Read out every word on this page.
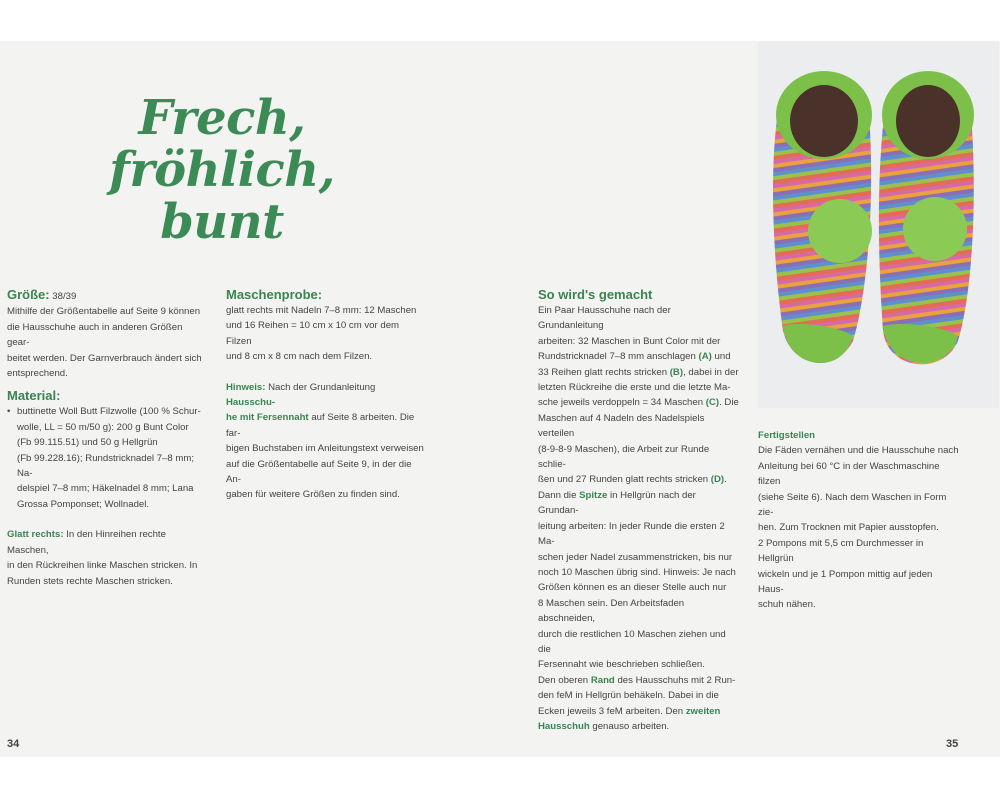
Frech, fröhlich,
bunt

Größe: 38/39

Mithilfe der Größentabelle auf Seite 9 können

die Hausschuhe auch in anderen Größen gear-

beitet werden. Der Garnverbrauch ändert sich

entsprechend.

Material:

• buttinette Woll Butt Filzwolle (100 % Schur-

wolle, LL = 50 m/50 g): 200 g Bunt Color

(Fb 99.115.51) und 50 g Hellgrün

(Fb 99.228.16); Rundstricknadel 7–8 mm; Na-

delspiel 7–8 mm; Häkelnadel 8 mm; Lana

Grossa Pomponset; Wollnadel.

Glatt rechts: In den Hinreihen rechte Maschen,

in den Rückreihen linke Maschen stricken. In

Runden stets rechte Maschen stricken.

Maschenprobe:

glatt rechts mit Nadeln 7–8 mm: 12 Maschen

und 16 Reihen = 10 cm x 10 cm vor dem Filzen

und 8 cm x 8 cm nach dem Filzen.

Hinweis: Nach der Grundanleitung Hausschu-

he mit Fersennaht auf Seite 8 arbeiten. Die far-

bigen Buchstaben im Anleitungstext verweisen

auf die Größentabelle auf Seite 9, in der die An-

gaben für weitere Größen zu finden sind.

So wird's gemacht

Ein Paar Hausschuhe nach der Grundanleitung

arbeiten: 32 Maschen in Bunt Color mit der

Rundstricknadel 7–8 mm anschlagen (A) und

33 Reihen glatt rechts stricken (B), dabei in der

letzten Rückreihe die erste und die letzte Ma-

sche jeweils verdoppeln = 34 Maschen (C). Die

Maschen auf 4 Nadeln des Nadelspiels verteilen

(8-9-8-9 Maschen), die Arbeit zur Runde schlie-

ßen und 27 Runden glatt rechts stricken (D).

Dann die Spitze in Hellgrün nach der Grundan-

leitung arbeiten: In jeder Runde die ersten 2 Ma-

schen jeder Nadel zusammenstricken, bis nur

noch 10 Maschen übrig sind. Hinweis: Je nach

Größen können es an dieser Stelle auch nur

8 Maschen sein. Den Arbeitsfaden abschneiden,

durch die restlichen 10 Maschen ziehen und die

Fersennaht wie beschrieben schließen.

Den oberen Rand des Hausschuhs mit 2 Run-

den feM in Hellgrün behäkeln. Dabei in die

Ecken jeweils 3 feM arbeiten. Den zweiten

Hausschuh genauso arbeiten.

Fertigstellen

Die Fäden vernähen und die Hausschuhe nach

Anleitung bei 60 °C in der Waschmaschine filzen

(siehe Seite 6). Nach dem Waschen in Form zie-

hen. Zum Trocknen mit Papier ausstopfen.

2 Pompons mit 5,5 cm Durchmesser in Hellgrün

wickeln und je 1 Pompon mittig auf jeden Haus-

schuh nähen.

34	35
